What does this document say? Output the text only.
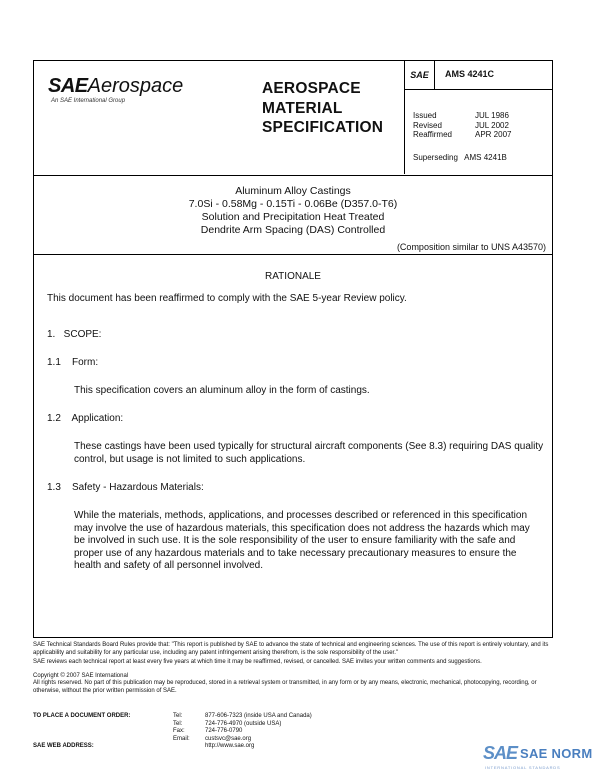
SAEAerospace
An SAE International Group
AEROSPACE
MATERIAL
SPECIFICATION
SAE	AMS 4241C
Issued	JUL 1986
Revised	JUL 2002
Reaffirmed	APR 2007
Superseding AMS 4241B
Aluminum Alloy Castings
7.0Si - 0.58Mg - 0.15Ti - 0.06Be (D357.0-T6)
Solution and Precipitation Heat Treated
Dendrite Arm Spacing (DAS) Controlled
(Composition similar to UNS A43570)
RATIONALE
This document has been reaffirmed to comply with the SAE 5-year Review policy.
1.   SCOPE:
1.1    Form:
This specification covers an aluminum alloy in the form of castings.
1.2    Application:
These castings have been used typically for structural aircraft components (See 8.3) requiring DAS quality control, but usage is not limited to such applications.
1.3    Safety - Hazardous Materials:
While the materials, methods, applications, and processes described or referenced in this specification may involve the use of hazardous materials, this specification does not address the hazards which may be involved in such use. It is the sole responsibility of the user to ensure familiarity with the safe and proper use of any hazardous materials and to take necessary precautionary measures to ensure the health and safety of all personnel involved.

SAE Technical Standards Board Rules provide that: "This report is published by SAE to advance the state of technical and engineering sciences. The use of this report is entirely voluntary, and its applicability and suitability for any particular use, including any patent infringement arising therefrom, is the sole responsibility of the user."

SAE reviews each technical report at least every five years at which time it may be reaffirmed, revised, or cancelled. SAE invites your written comments and suggestions.

Copyright © 2007 SAE International

All rights reserved. No part of this publication may be reproduced, stored in a retrieval system or transmitted, in any form or by any means, electronic, mechanical, photocopying, recording, or otherwise, without the prior written permission of SAE.

TO PLACE A DOCUMENT ORDER:	Tel:	877-606-7323 (inside USA and Canada)
Tel:	724-776-4970 (outside USA)
Fax:	724-776-0790
Email:	custsvc@sae.org
SAE WEB ADDRESS:	http://www.sae.org	SAE SAE NORM
INTERNATIONAL STANDARDS
